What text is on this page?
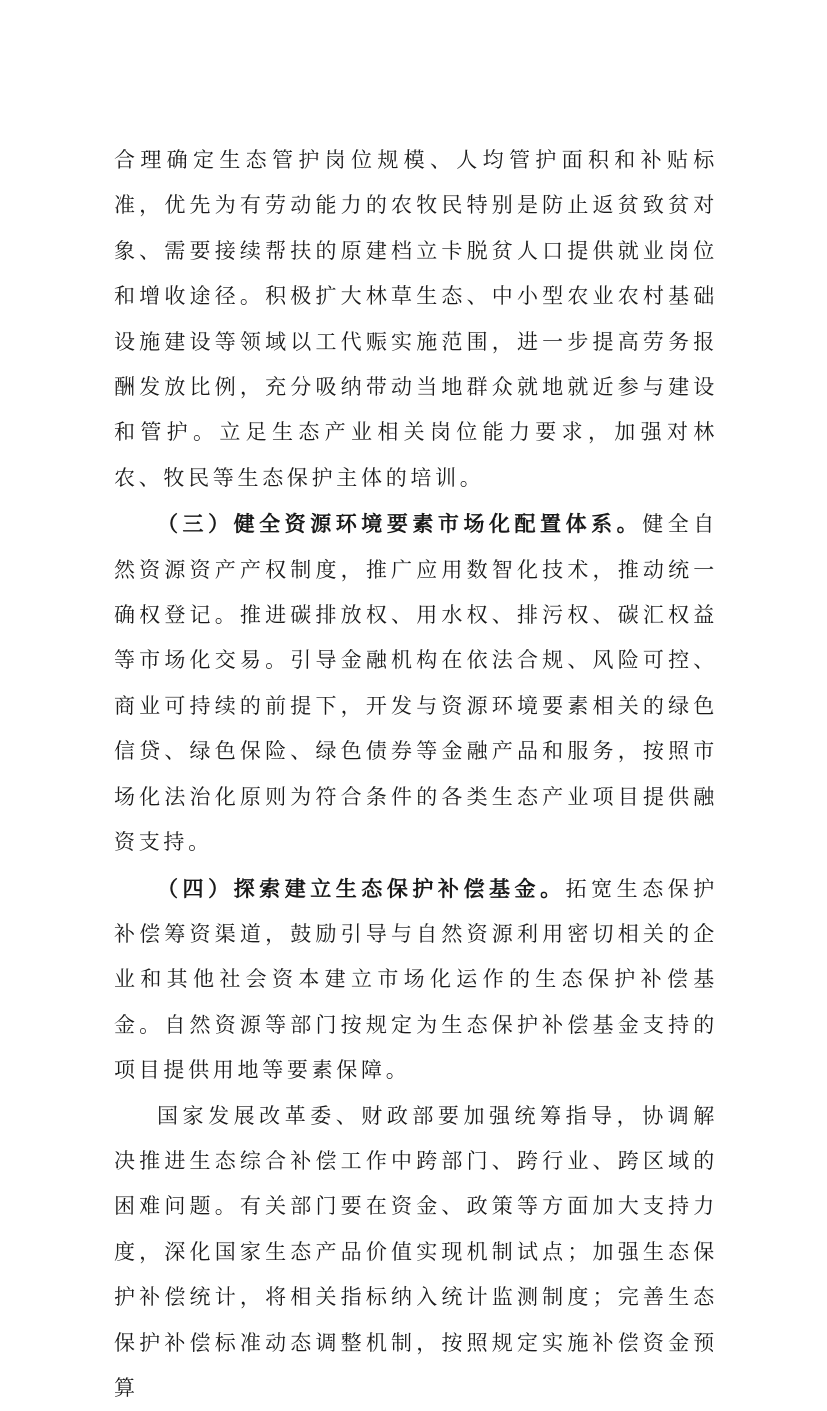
合理确定生态管护岗位规模、人均管护面积和补贴标准，优先为有劳动能力的农牧民特别是防止返贫致贫对象、需要接续帮扶的原建档立卡脱贫人口提供就业岗位和增收途径。积极扩大林草生态、中小型农业农村基础设施建设等领域以工代赈实施范围，进一步提高劳务报酬发放比例，充分吸纳带动当地群众就地就近参与建设和管护。立足生态产业相关岗位能力要求，加强对林农、牧民等生态保护主体的培训。

（三）健全资源环境要素市场化配置体系。健全自然资源资产产权制度，推广应用数智化技术，推动统一确权登记。推进碳排放权、用水权、排污权、碳汇权益等市场化交易。引导金融机构在依法合规、风险可控、商业可持续的前提下，开发与资源环境要素相关的绿色信贷、绿色保险、绿色债券等金融产品和服务，按照市场化法治化原则为符合条件的各类生态产业项目提供融资支持。

（四）探索建立生态保护补偿基金。拓宽生态保护补偿筹资渠道，鼓励引导与自然资源利用密切相关的企业和其他社会资本建立市场化运作的生态保护补偿基金。自然资源等部门按规定为生态保护补偿基金支持的项目提供用地等要素保障。

国家发展改革委、财政部要加强统筹指导，协调解决推进生态综合补偿工作中跨部门、跨行业、跨区域的困难问题。有关部门要在资金、政策等方面加大支持力度，深化国家生态产品价值实现机制试点；加强生态保护补偿统计，将相关指标纳入统计监测制度；完善生态保护补偿标准动态调整机制，按照规定实施补偿资金预算
